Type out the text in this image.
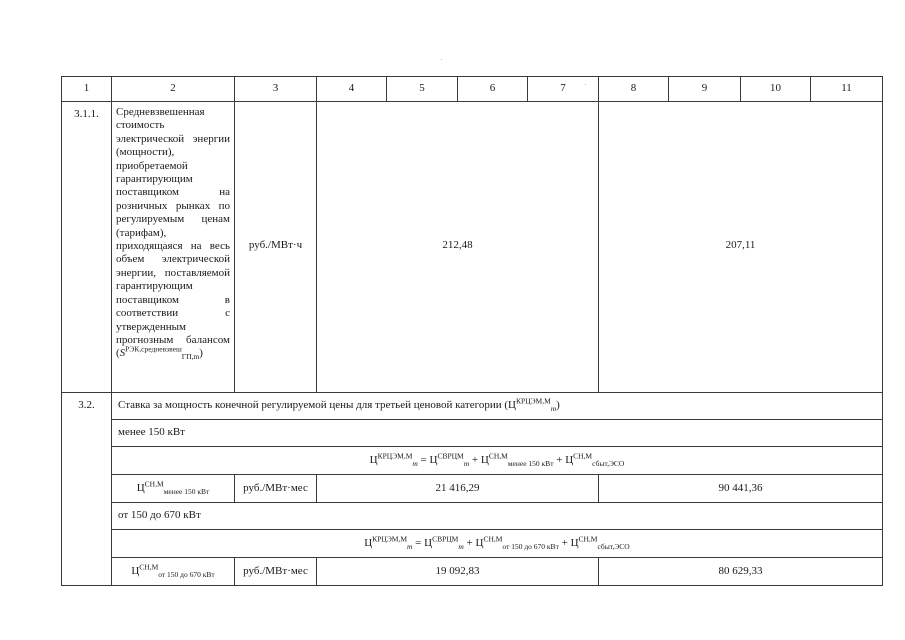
1	2	3	4	5	6	7	8	9	10	11
3.1.1.	Средневзвешенная стоимость электрической энергии (мощности), приобретаемой гарантирующим поставщиком на розничных рынках по регулируемым ценам (тарифам), приходящаяся на весь объем электрической энергии, поставляемой гарантирующим поставщиком в соответствии с утвержденным прогнозным балансом $(S^{РЭК,средневзвеш}_{ГП,m})$	руб./МВт·ч	212,48				207,11			
3.2.	Ставка за мощность конечной регулируемой цены для третьей ценовой категории $(Ц^{КРЦЭМ,М}_m)$									
	менее 150 кВт									
	$Ц^{КРЦЭМ,М}_m = Ц^{СВРЦМ}_m + Ц^{СН,М}_{менее 150 кВт} + Ц^{СН,М}_{сбыт,ЭСО}$
	$Ц^{СН,М}_{менее 150 кВт}$	руб./МВт·мес	21 416,29				90 441,36			
	от 150 до 670 кВт									
	$Ц^{КРЦЭМ,М}_m = Ц^{СВРЦМ}_m + Ц^{СН,М}_{от 150 до 670 кВт} + Ц^{СН,М}_{сбыт,ЭСО}$
	$Ц^{СН,М}_{от 150 до 670 кВт}$	руб./МВт·мес	19 092,83				80 629,33			
